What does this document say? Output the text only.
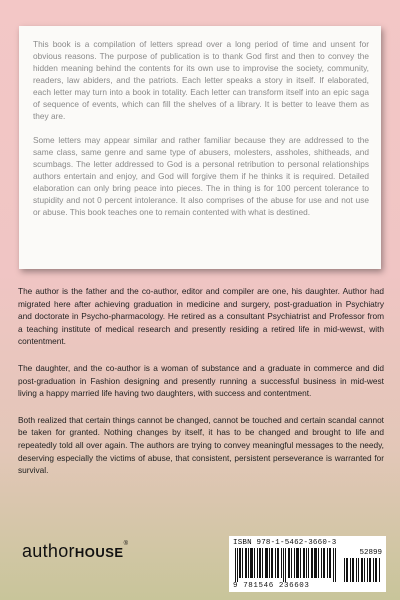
This book is a compilation of letters spread over a long period of time and unsent for obvious reasons. The purpose of publication is to thank God first and then to convey the hidden meaning behind the contents for its own use to improvise the society, community, readers, law abiders, and the patriots. Each letter speaks a story in itself. If elaborated, each letter may turn into a book in totality. Each letter can transform itself into an epic saga of sequence of events, which can fill the shelves of a library. It is better to leave them as they are.

Some letters may appear similar and rather familiar because they are addressed to the same class, same genre and same type of abusers, molesters, assholes, shitheads, and scumbags. The letter addressed to God is a personal retribution to personal relationships authors entertain and enjoy, and God will forgive them if he thinks it is required. Detailed elaboration can only bring peace into pieces. The in thing is for 100 percent tolerance to stupidity and not 0 percent intolerance. It also comprises of the abuse for use and not use or abuse. This book teaches one to remain contented with what is destined.

The author is the father and the co-author, editor and compiler are one, his daughter. Author had migrated here after achieving graduation in medicine and surgery, post-graduation in Psychiatry and doctorate in Psycho-pharmacology. He retired as a consultant Psychiatrist and Professor from a teaching institute of medical research and presently residing a retired life in mid-wewst, with contentment.

The daughter, and the co-author is a woman of substance and a graduate in commerce and did post-graduation in Fashion designing and presently running a successful business in mid-west living a happy married life having two daughters, with success and contentment.

Both realized that certain things cannot be changed, cannot be touched and certain scandal cannot be taken for granted. Nothing changes by itself, it has to be changed and brought to life and repeatedly told all over again. The authors are trying to convey meaningful messages to the needy, deserving especially the victims of abuse, that consistent, persistent perseverance is warranted for survival.

authorHOUSE®	ISBN 978-1-5462-3660-3
52899
9 781546 236603
